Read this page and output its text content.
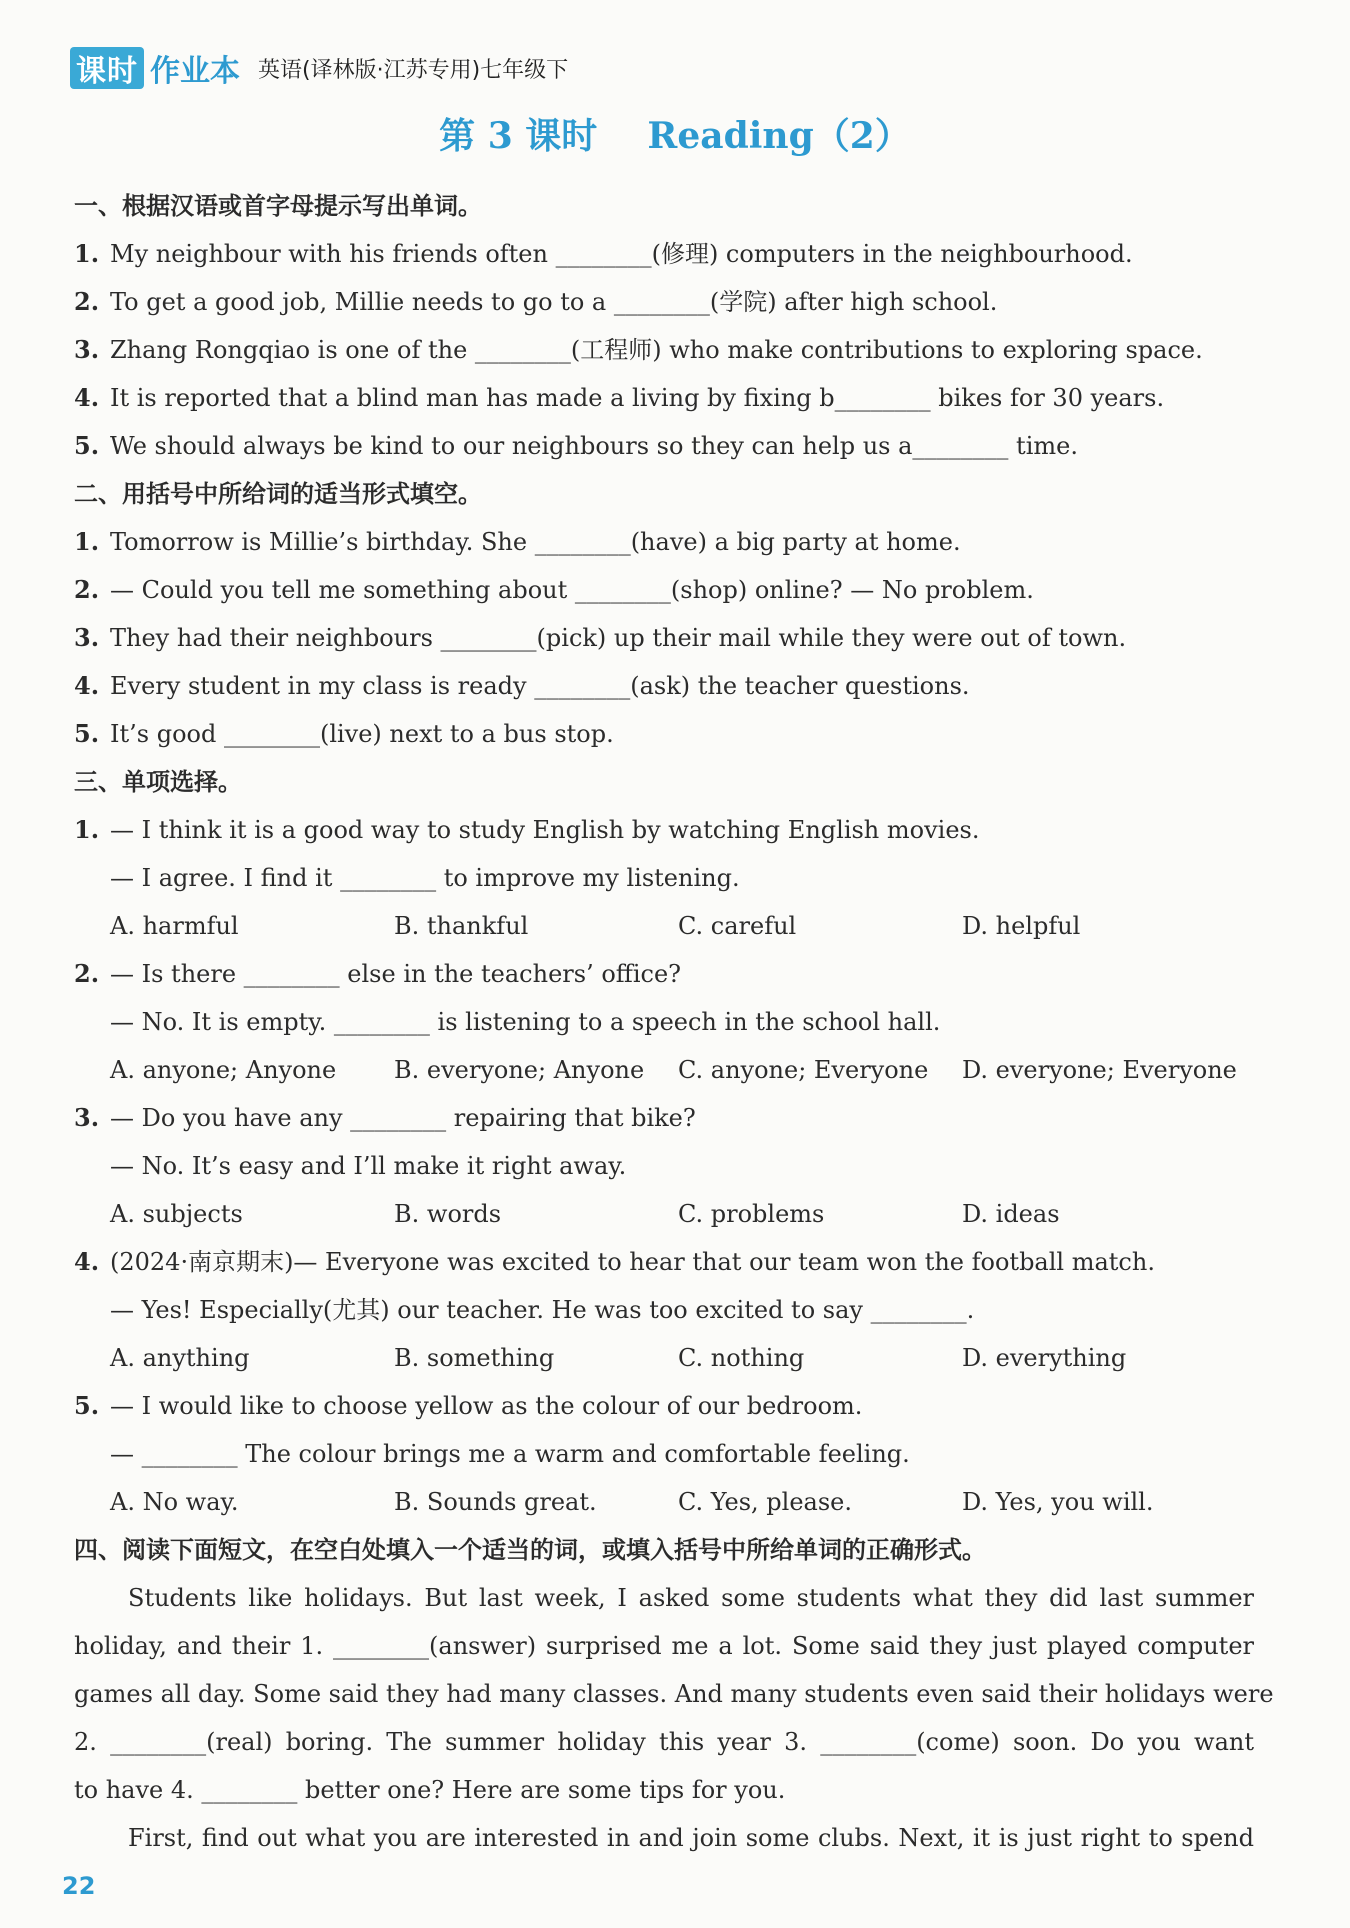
课时 作业本 英语(译林版·江苏专用)七年级下
第 3 课时    Reading（2）
一、根据汉语或首字母提示写出单词。
1. My neighbour with his friends often ________(修理) computers in the neighbourhood.
2. To get a good job, Millie needs to go to a ________(学院) after high school.
3. Zhang Rongqiao is one of the ________(工程师) who make contributions to exploring space.
4. It is reported that a blind man has made a living by fixing b________ bikes for 30 years.
5. We should always be kind to our neighbours so they can help us a________ time.
二、用括号中所给词的适当形式填空。
1. Tomorrow is Millie’s birthday. She ________(have) a big party at home.
2. — Could you tell me something about ________(shop) online? — No problem.
3. They had their neighbours ________(pick) up their mail while they were out of town.
4. Every student in my class is ready ________(ask) the teacher questions.
5. It’s good ________(live) next to a bus stop.
三、单项选择。
1. — I think it is a good way to study English by watching English movies.
— I agree. I find it ________ to improve my listening.
A. harmful	B. thankful	C. careful	D. helpful
2. — Is there ________ else in the teachers’ office?
— No. It is empty. ________ is listening to a speech in the school hall.
A. anyone; Anyone B. everyone; Anyone C. anyone; Everyone D. everyone; Everyone
3. — Do you have any ________ repairing that bike?
— No. It’s easy and I’ll make it right away.
A. subjects	B. words	C. problems	D. ideas
4. (2024·南京期末)— Everyone was excited to hear that our team won the football match.
— Yes! Especially(尤其) our teacher. He was too excited to say ________.
A. anything	B. something	C. nothing	D. everything
5. — I would like to choose yellow as the colour of our bedroom.
— ________ The colour brings me a warm and comfortable feeling.
A. No way.	B. Sounds great.	C. Yes, please.	D. Yes, you will.
四、阅读下面短文，在空白处填入一个适当的词，或填入括号中所给单词的正确形式。
Students like holidays. But last week, I asked some students what they did last summer
holiday, and their 1. ________(answer) surprised me a lot. Some said they just played computer
games all day. Some said they had many classes. And many students even said their holidays were
2. ________(real) boring. The summer holiday this year 3. ________(come) soon. Do you want
to have 4. ________ better one? Here are some tips for you.
First, find out what you are interested in and join some clubs. Next, it is just right to spend
22
